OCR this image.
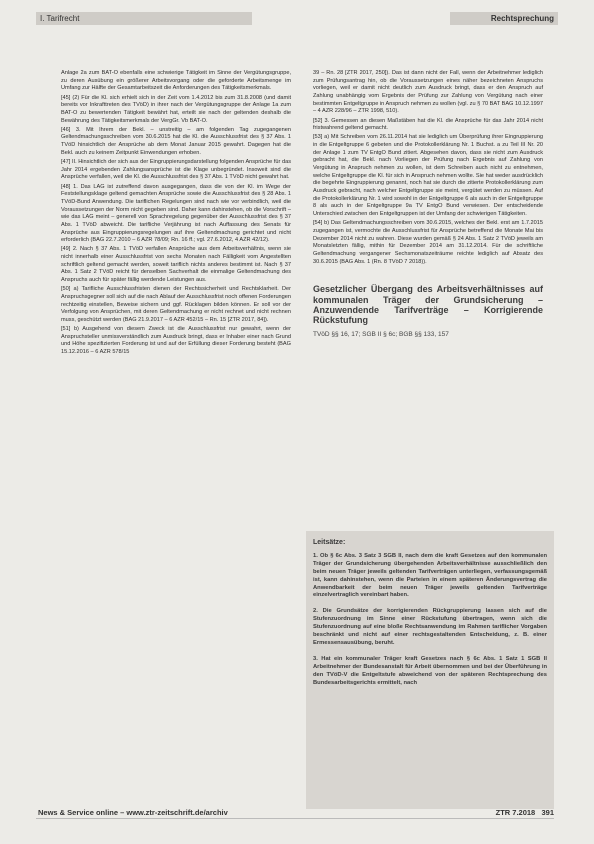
I. Tarifrecht	Rechtsprechung

Anlage 2a zum BAT-O ebenfalls eine schwierige Tätigkeit im Sinne der Vergütungsgruppe, zu deren Ausübung ein größerer Arbeitsvorgang oder die geforderte Arbeitsmenge im Umfang zur Hälfte der Gesamtarbeitszeit die Anforderungen des Tätigkeitsmerkmals.

[45] (2) Für die Kl. sich erhielt sich in der Zeit vom 1.4.2012 bis zum 31.8.2008 (und damit bereits vor Inkrafttreten des TVöD) in ihrer nach der Vergütungsgruppe der Anlage 1a zum BAT-O zu bewertenden Tätigkeit bewährt hat, erteilt sie nach der geltenden deshalb die Bewährung des Tätigkeitsmerkmals der VergGr. Vb BAT-O.

[46] 3. Mit Ihrem der Bekl. – unstreitig – am folgenden Tag zugegangenen Geltendmachungsschreiben vom 30.6.2015 hat die Kl. die Ausschlussfrist des § 37 Abs. 1 TVöD hinsichtlich der Ansprüche ab dem Monat Januar 2015 gewahrt. Dagegen hat die Bekl. auch zu keinem Zeitpunkt Einwendungen erhoben.

[47] II. Hinsichtlich der sich aus der Eingruppierungsdarstellung folgenden Ansprüche für das Jahr 2014 ergebenden Zahlungsansprüche ist die Klage unbegründet. Insoweit sind die Ansprüche verfallen, weil die Kl. die Ausschlussfrist des § 37 Abs. 1 TVöD nicht gewahrt hat.

[48] 1. Das LAG ist zutreffend davon ausgegangen, dass die von der Kl. im Wege der Feststellungsklage geltend gemachten Ansprüche sowie die Ausschlussfrist des § 28 Abs. 1 TVöD-Bund Anwendung. Die tariflichen Regelungen sind nach wie vor verbindlich, weil die Voraussetzungen der Norm nicht gegeben sind. Daher kann dahinstehen, ob die Vorschrift – wie das LAG meint – generell von Sprachregelung gegenüber der Ausschlussfrist des § 37 Abs. 1 TVöD abweicht. Die tarifliche Verjährung ist nach Auffassung des Senats für Ansprüche aus Eingruppierungsregelungen auf ihre Geltendmachung gerichtet und nicht erforderlich (BAG 22.7.2010 – 6 AZR 78/09; Rn. 16 ff.; vgl. 27.6.2012, 4 AZR 42/12).

[49] 2. Nach § 37 Abs. 1 TVöD verfallen Ansprüche aus dem Arbeitsverhältnis, wenn sie nicht innerhalb einer Ausschlussfrist von sechs Monaten nach Fälligkeit vom Angestellten schriftlich geltend gemacht werden, soweit tariflich nichts anderes bestimmt ist. Nach § 37 Abs. 1 Satz 2 TVöD reicht für denselben Sachverhalt die einmalige Geltendmachung des Anspruchs auch für später fällig werdende Leistungen aus.

[50] a) Tarifliche Ausschlussfristen dienen der Rechtssicherheit und Rechtsklarheit. Der Anspruchsgegner soll sich auf die nach Ablauf der Ausschlussfrist noch offenen Forderungen rechtzeitig einstellen, Beweise sichern und ggf. Rücklagen bilden können. Er soll vor der Verfolgung von Ansprüchen, mit deren Geltendmachung er nicht rechnet und nicht rechnen muss, geschützt werden (BAG 21.9.2017 – 6 AZR 452/15 – Rn. 15 [ZTR 2017, 84]).

[51] b) Ausgehend von diesem Zweck ist die Ausschlussfrist nur gewahrt, wenn der Anspruchsteller unmissverständlich zum Ausdruck bringt, dass er Inhaber einer nach Grund und Höhe spezifizierten Forderung ist und auf der Erfüllung dieser Forderung besteht (BAG 15.12.2016 – 6 AZR 578/15

39 – Rn. 28 [ZTR 2017, 250]). Das ist dann nicht der Fall, wenn der Arbeitnehmer lediglich zum Prüfungsantrag hin, ob die Voraussetzungen eines näher bezeichneten Anspruchs vorliegen, weil er damit nicht deutlich zum Ausdruck bringt, dass er den Anspruch auf Zahlung unabhängig vom Ergebnis der Prüfung zur Zahlung von Vergütung nach einer bestimmten Entgeltgruppe in Anspruch nehmen zu wollen (vgl. zu § 70 BAT BAG 10.12.1997 – 4 AZR 228/96 – ZTR 1998, 510).

[52] 3. Gemessen an diesen Maßstäben hat die Kl. die Ansprüche für das Jahr 2014 nicht fristwahrend geltend gemacht.

[53] a) Mit Schreiben vom 26.11.2014 hat sie lediglich um Überprüfung ihrer Eingruppierung in die Entgeltgruppe 6 gebeten und die Protokollerklärung Nr. 1 Buchst. a zu Teil III Nr. 20 der Anlage 1 zum TV EntgO Bund zitiert. Abgesehen davon, dass sie nicht zum Ausdruck gebracht hat, die Bekl. nach Vorliegen der Prüfung nach Ergebnis auf Zahlung von Vergütung in Anspruch nehmen zu wollen, ist dem Schreiben auch nicht zu entnehmen, welche Entgeltgruppe die Kl. für sich in Anspruch nehmen wollte. Sie hat weder ausdrücklich die begehrte Eingruppierung genannt, noch hat sie durch die zitierte Protokollerklärung zum Ausdruck gebracht, nach welcher Entgeltgruppe sie meint, vergütet werden zu müssen. Auf die Protokollerklärung Nr. 1 wird sowohl in der Entgeltgruppe 6 als auch in der Entgeltgruppe 8 als auch in der Entgeltgruppe 9a TV EntgO Bund verwiesen. Der entscheidende Unterschied zwischen den Entgeltgruppen ist der Umfang der schwierigen Tätigkeiten.

[54] b) Das Geltendmachungsschreiben vom 30.6.2015, welches der Bekl. erst am 1.7.2015 zugegangen ist, vermochte die Ausschlussfrist für Ansprüche betreffend die Monate Mai bis Dezember 2014 nicht zu wahren. Diese wurden gemäß § 24 Abs. 1 Satz 2 TVöD jeweils am Monatsletzten fällig, mithin für Dezember 2014 am 31.12.2014. Für die schriftliche Geltendmachung vergangener Sechsmonatszeiträume reichte lediglich auf Absatz des 30.6.2015 (BAG Abs. 1 (Rn. 8 TVöD 7 2018)).

Gesetzlicher Übergang des Arbeitsverhältnisses auf kommunalen Träger der Grundsicherung – Anzuwendende Tarifverträge – Korrigierende Rückstufung
TVöD §§ 16, 17; SGB II § 6c; BGB §§ 133, 157
Leitsätze:

1. Ob § 6c Abs. 3 Satz 3 SGB II, nach dem die kraft Gesetzes auf den kommunalen Träger der Grundsicherung übergehenden Arbeitsverhältnisse ausschließlich den beim neuen Träger jeweils geltenden Tarifverträgen unterliegen, verfassungsgemäß ist, kann dahinstehen, wenn die Parteien in einem späteren Änderungsvertrag die Anwendbarkeit der beim neuen Träger jeweils geltenden Tarifverträge einzelvertraglich vereinbart haben.

2. Die Grundsätze der korrigierenden Rückgruppierung lassen sich auf die Stufenzuordnung im Sinne einer Rückstufung übertragen, wenn sich die Stufenzuordnung auf eine bloße Rechtsanwendung im Rahmen tariflicher Vorgaben beschränkt und nicht auf einer rechtsgestaltenden Entscheidung, z. B. einer Ermessensausübung, beruht.

3. Hat ein kommunaler Träger kraft Gesetzes nach § 6c Abs. 1 Satz 1 SGB II Arbeitnehmer der Bundesanstalt für Arbeit übernommen und bei der Überführung in den TVöD-V die Entgeltstufe abweichend von der späteren Rechtsprechung des Bundesarbeitsgerichts ermittelt, nach

News & Service online – www.ztr-zeitschrift.de/archiv	ZTR 7.2018 391
